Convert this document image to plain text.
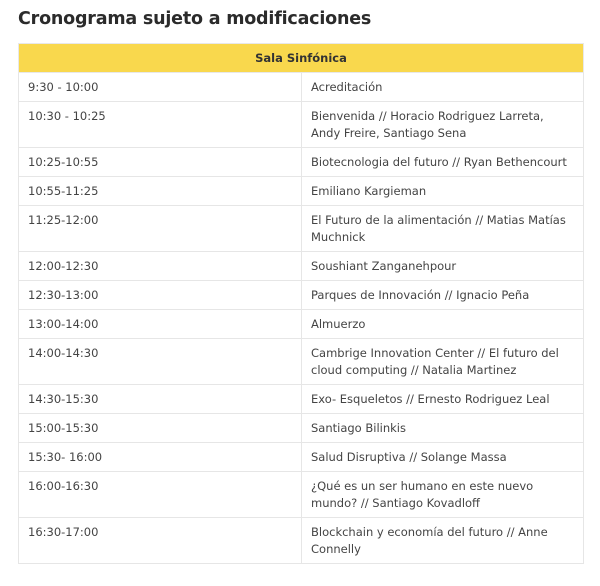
Cronograma sujeto a modificaciones
Sala Sinfónica	
9:30 - 10:00	Acreditación
10:30 - 10:25	Bienvenida // Horacio Rodriguez Larreta, Andy Freire, Santiago Sena
10:25-10:55	Biotecnologia del futuro // Ryan Bethencourt
10:55-11:25	Emiliano Kargieman
11:25-12:00	El Futuro de la alimentación // Matias Matías Muchnick
12:00-12:30	Soushiant Zanganehpour
12:30-13:00	Parques de Innovación // Ignacio Peña
13:00-14:00	Almuerzo
14:00-14:30	Cambrige Innovation Center // El futuro del cloud computing // Natalia Martinez
14:30-15:30	Exo- Esqueletos // Ernesto Rodriguez Leal
15:00-15:30	Santiago Bilinkis
15:30- 16:00	Salud Disruptiva // Solange Massa
16:00-16:30	¿Qué es un ser humano en este nuevo mundo? // Santiago Kovadloff
16:30-17:00	Blockchain y economía del futuro // Anne Connelly
